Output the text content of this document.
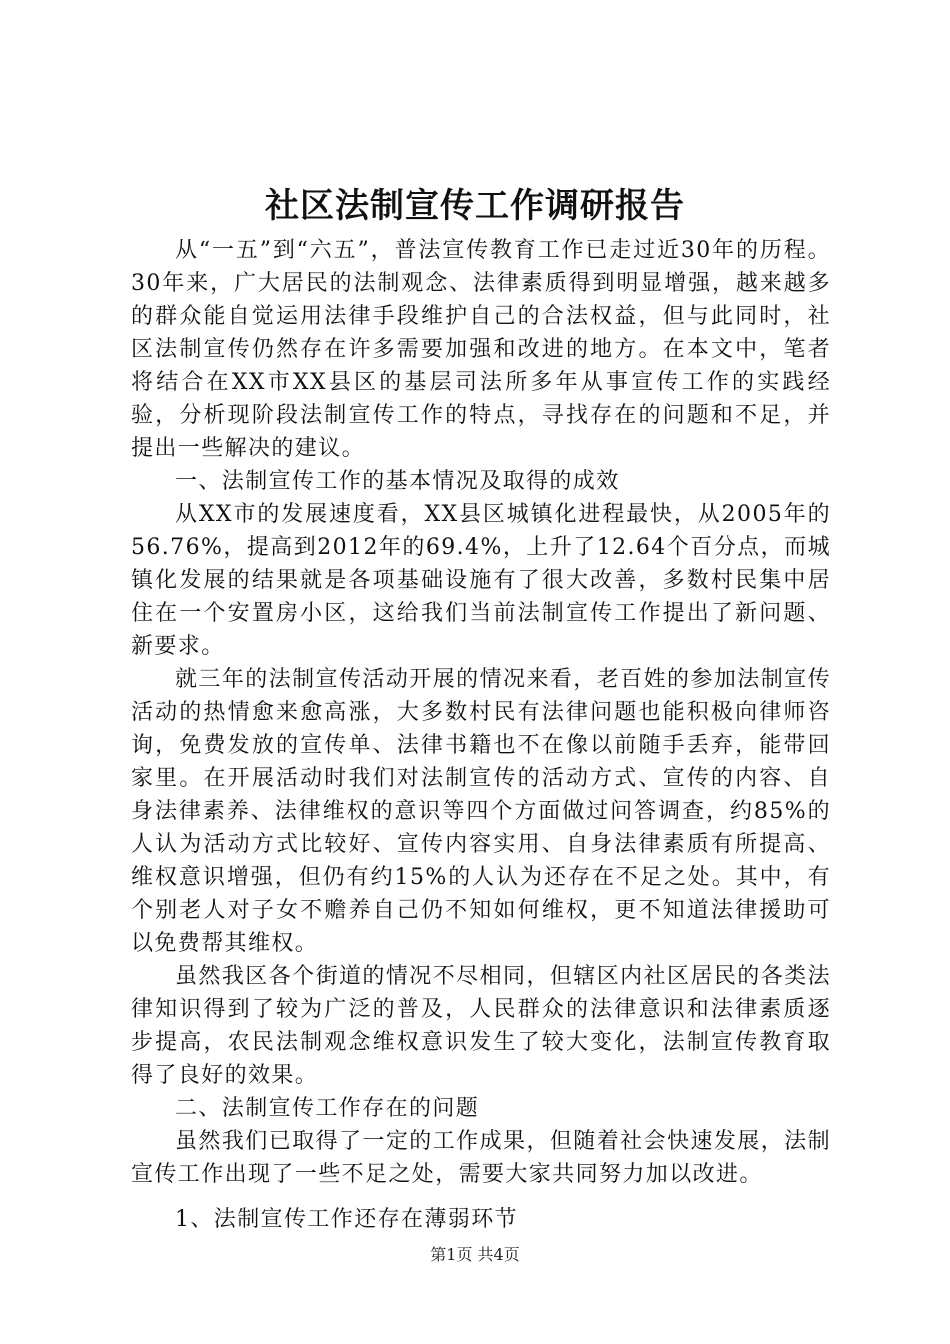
社区法制宣传工作调研报告

从“一五”到“六五”，普法宣传教育工作已走过近30年的历程。30年来，广大居民的法制观念、法律素质得到明显增强，越来越多的群众能自觉运用法律手段维护自己的合法权益，但与此同时，社区法制宣传仍然存在许多需要加强和改进的地方。在本文中，笔者将结合在XX市XX县区的基层司法所多年从事宣传工作的实践经验，分析现阶段法制宣传工作的特点，寻找存在的问题和不足，并提出一些解决的建议。

一、法制宣传工作的基本情况及取得的成效

从XX市的发展速度看，XX县区城镇化进程最快，从2005年的56.76%，提高到2012年的69.4%，上升了12.64个百分点，而城镇化发展的结果就是各项基础设施有了很大改善，多数村民集中居住在一个安置房小区，这给我们当前法制宣传工作提出了新问题、新要求。

就三年的法制宣传活动开展的情况来看，老百姓的参加法制宣传活动的热情愈来愈高涨，大多数村民有法律问题也能积极向律师咨询，免费发放的宣传单、法律书籍也不在像以前随手丢弃，能带回家里。在开展活动时我们对法制宣传的活动方式、宣传的内容、自身法律素养、法律维权的意识等四个方面做过问答调查，约85%的人认为活动方式比较好、宣传内容实用、自身法律素质有所提高、维权意识增强，但仍有约15%的人认为还存在不足之处。其中，有个别老人对子女不赡养自己仍不知如何维权，更不知道法律援助可以免费帮其维权。

虽然我区各个街道的情况不尽相同，但辖区内社区居民的各类法律知识得到了较为广泛的普及，人民群众的法律意识和法律素质逐步提高，农民法制观念维权意识发生了较大变化，法制宣传教育取得了良好的效果。

二、法制宣传工作存在的问题

虽然我们已取得了一定的工作成果，但随着社会快速发展，法制宣传工作出现了一些不足之处，需要大家共同努力加以改进。

1、法制宣传工作还存在薄弱环节

第1页 共4页
